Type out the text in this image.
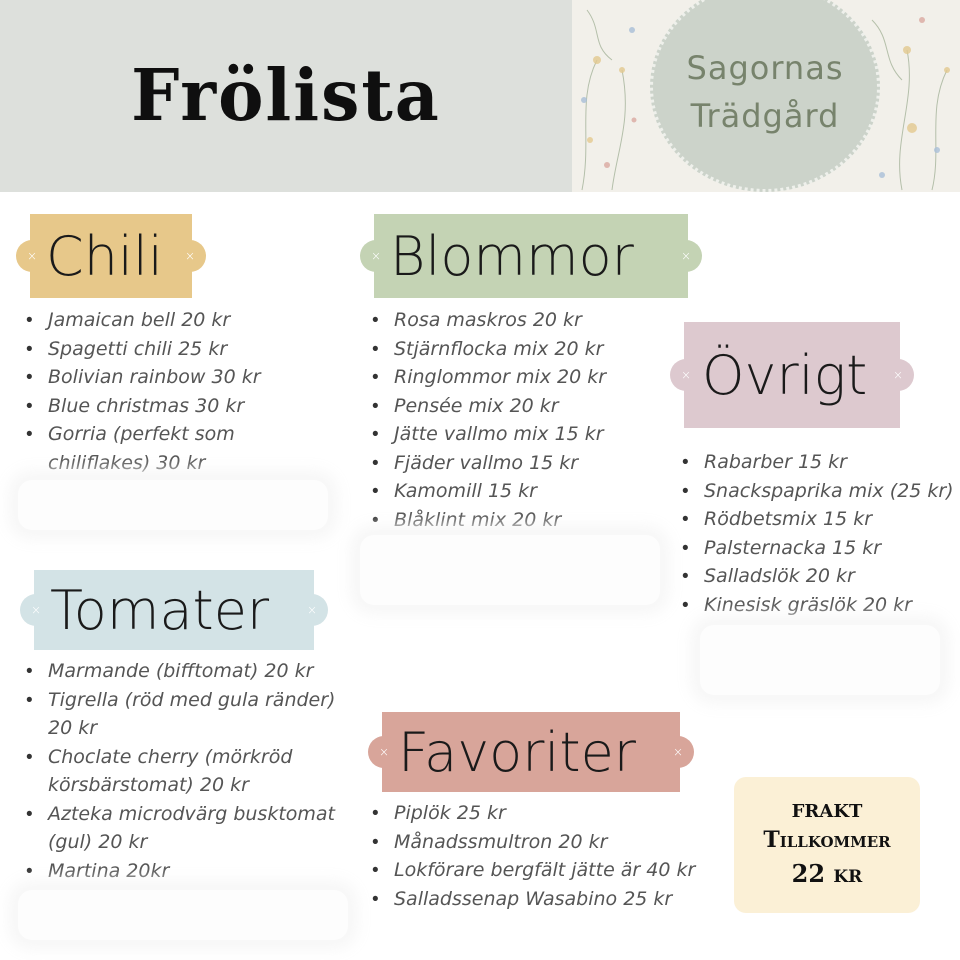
Frölista	Sagornas
Trädgård
×	×
Chili
• Jamaican bell 20 kr
• Spagetti chili 25 kr
• Bolivian rainbow 30 kr
• Blue christmas 30 kr
• Gorria (perfekt som chiliflakes) 30 kr
×	×
Blommor
• Rosa maskros 20 kr
• Stjärnflocka mix 20 kr
• Ringlommor mix 20 kr
• Pensée mix 20 kr
• Jätte vallmo mix 15 kr
• Fjäder vallmo 15 kr
• Kamomill 15 kr
• Blåklint mix 20 kr
×	×
Övrigt
• Rabarber 15 kr
• Snackspaprika mix (25 kr)
• Rödbetsmix 15 kr
• Palsternacka 15 kr
• Salladslök 20 kr
• Kinesisk gräslök 20 kr
×	×
Tomater
• Marmande (bifftomat) 20 kr
• Tigrella (röd med gula ränder) 20 kr
• Choclate cherry (mörkröd körsbärstomat) 20 kr
• Azteka microdvärg busktomat (gul) 20 kr
• Martina 20kr
×	×
Favoriter
• Piplök 25 kr
• Månadssmultron 20 kr
• Lokförare bergfält jätte är 40 kr
• Salladssenap Wasabino 25 kr
FRAKT
Tillkommer
22 kr
